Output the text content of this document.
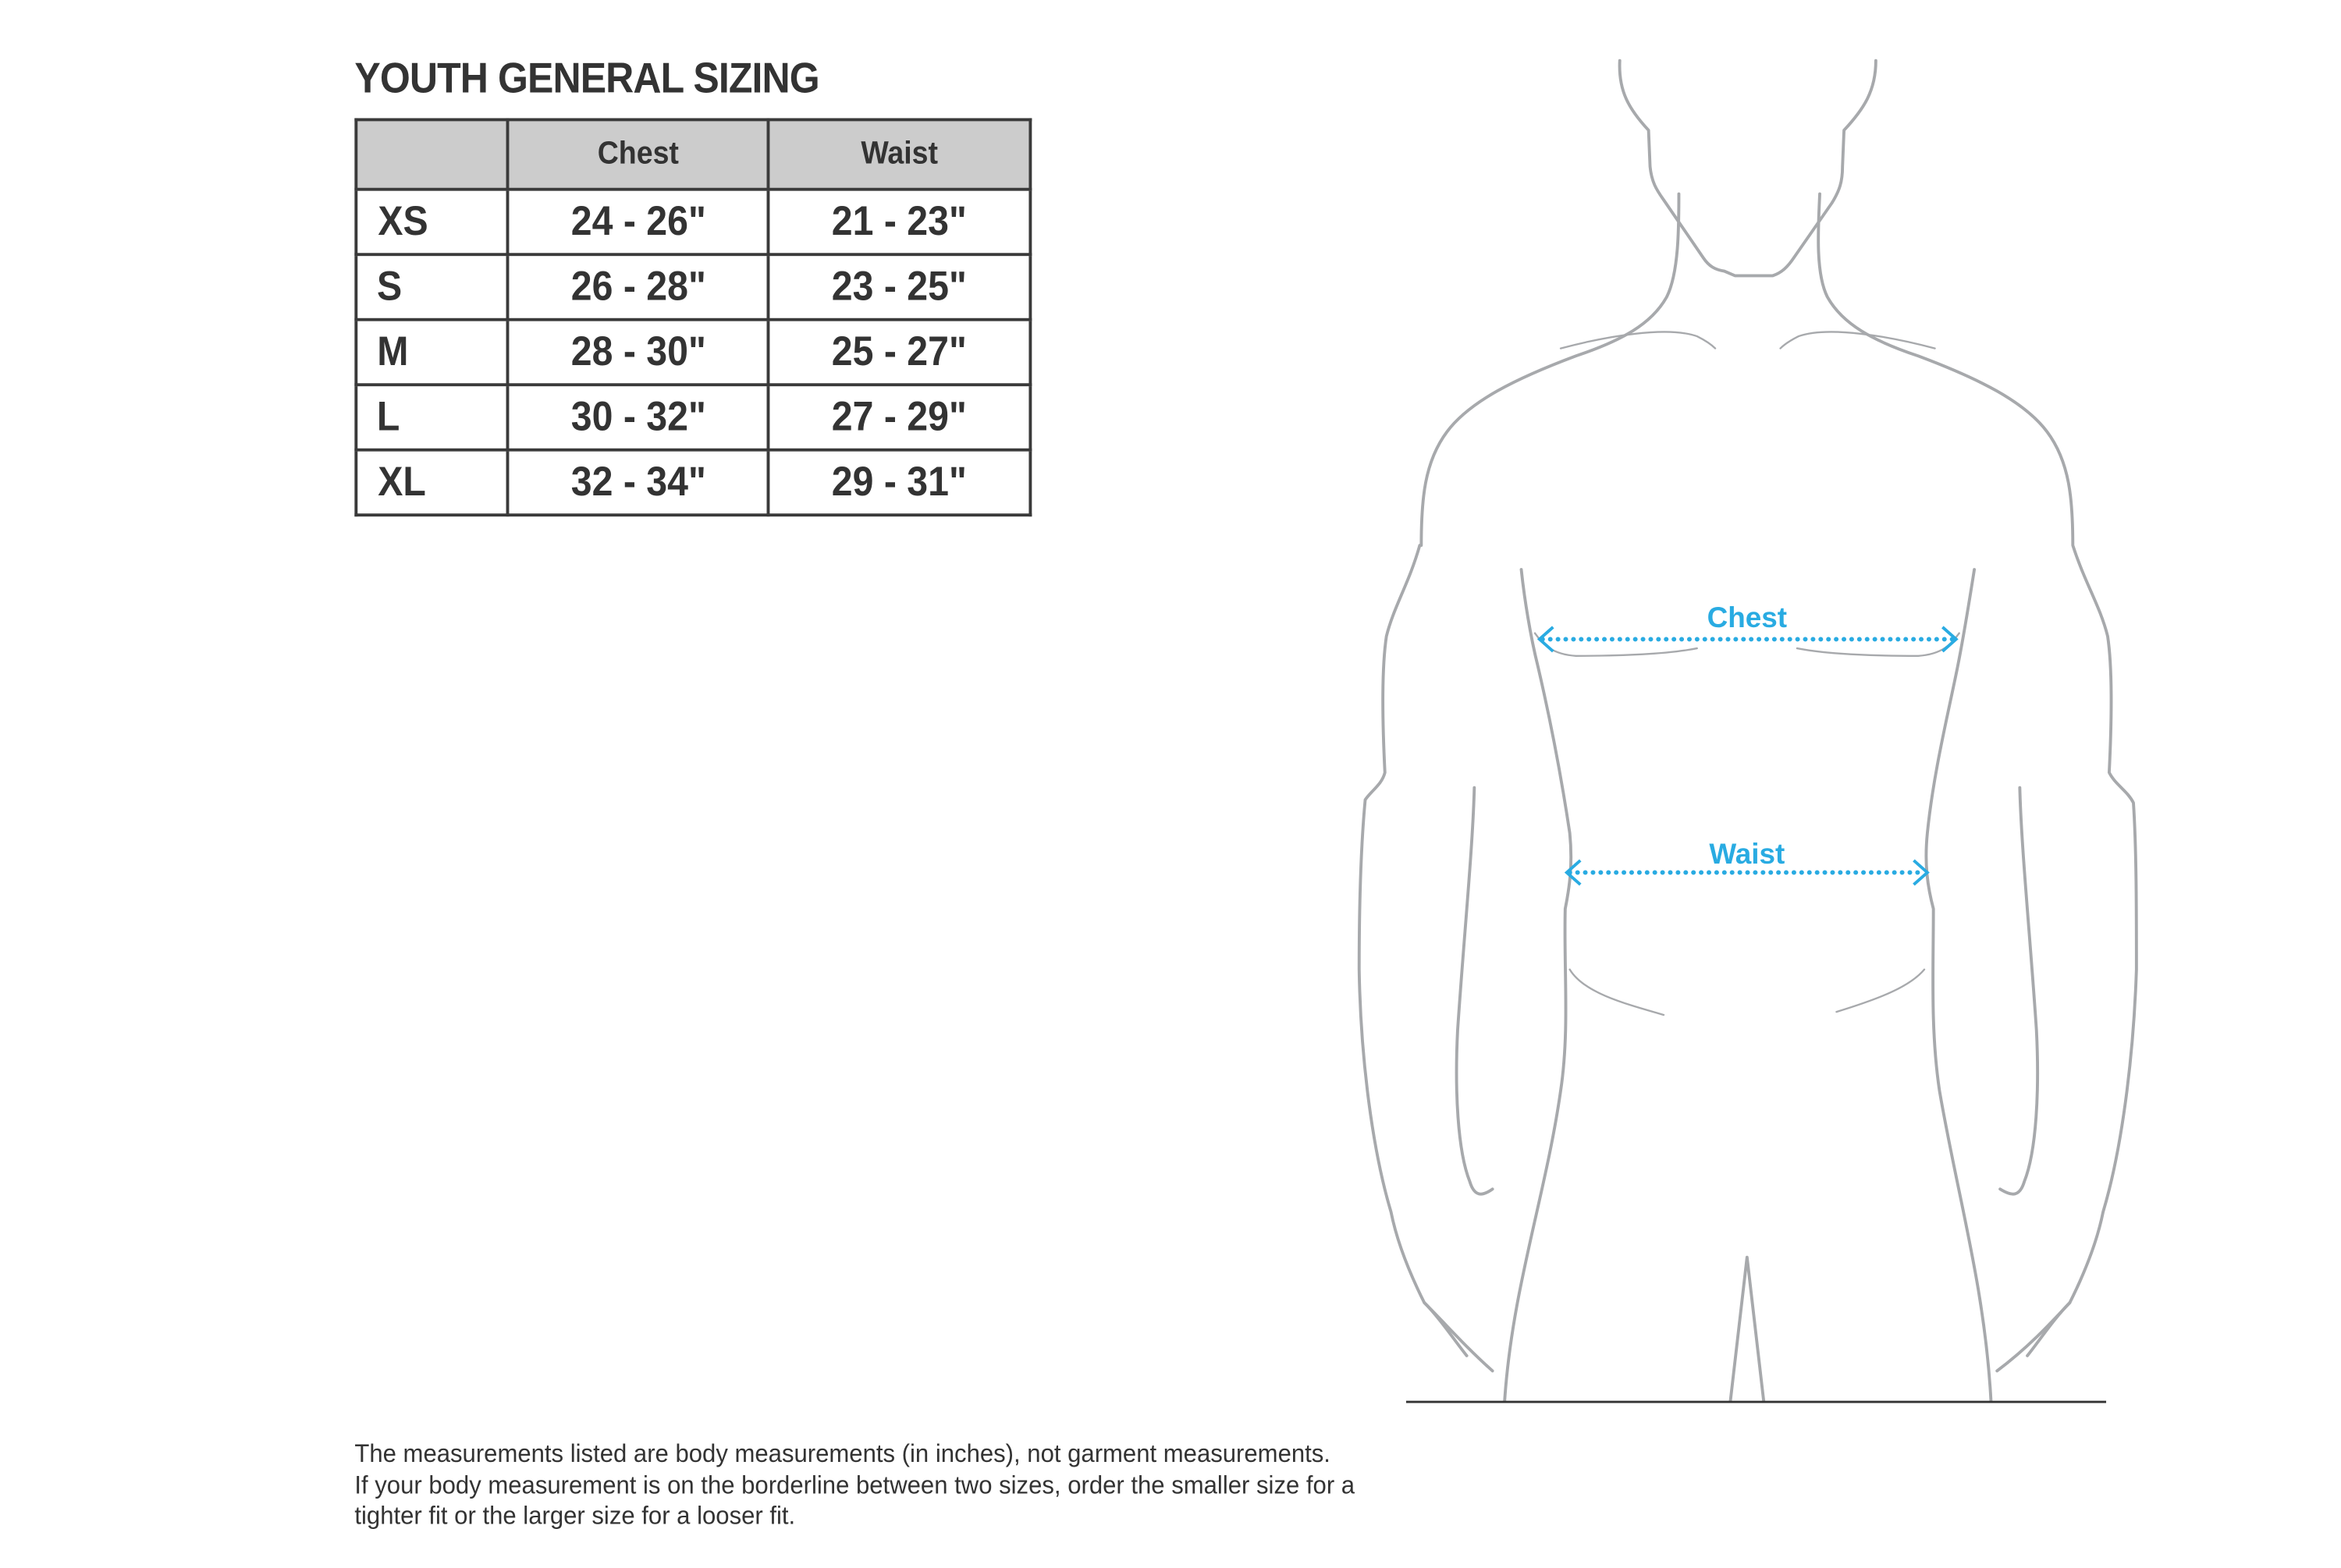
YOUTH GENERAL SIZING
	Chest	Waist
XS	24 - 26"	21 - 23"
S	26 - 28"	23 - 25"
M	28 - 30"	25 - 27"
L	30 - 32"	27 - 29"
XL	32 - 34"	29 - 31"
Chest
Waist
The measurements listed are body measurements (in inches), not garment measurements.
If your body measurement is on the borderline between two sizes, order the smaller size for a
tighter fit or the larger size for a looser fit.
